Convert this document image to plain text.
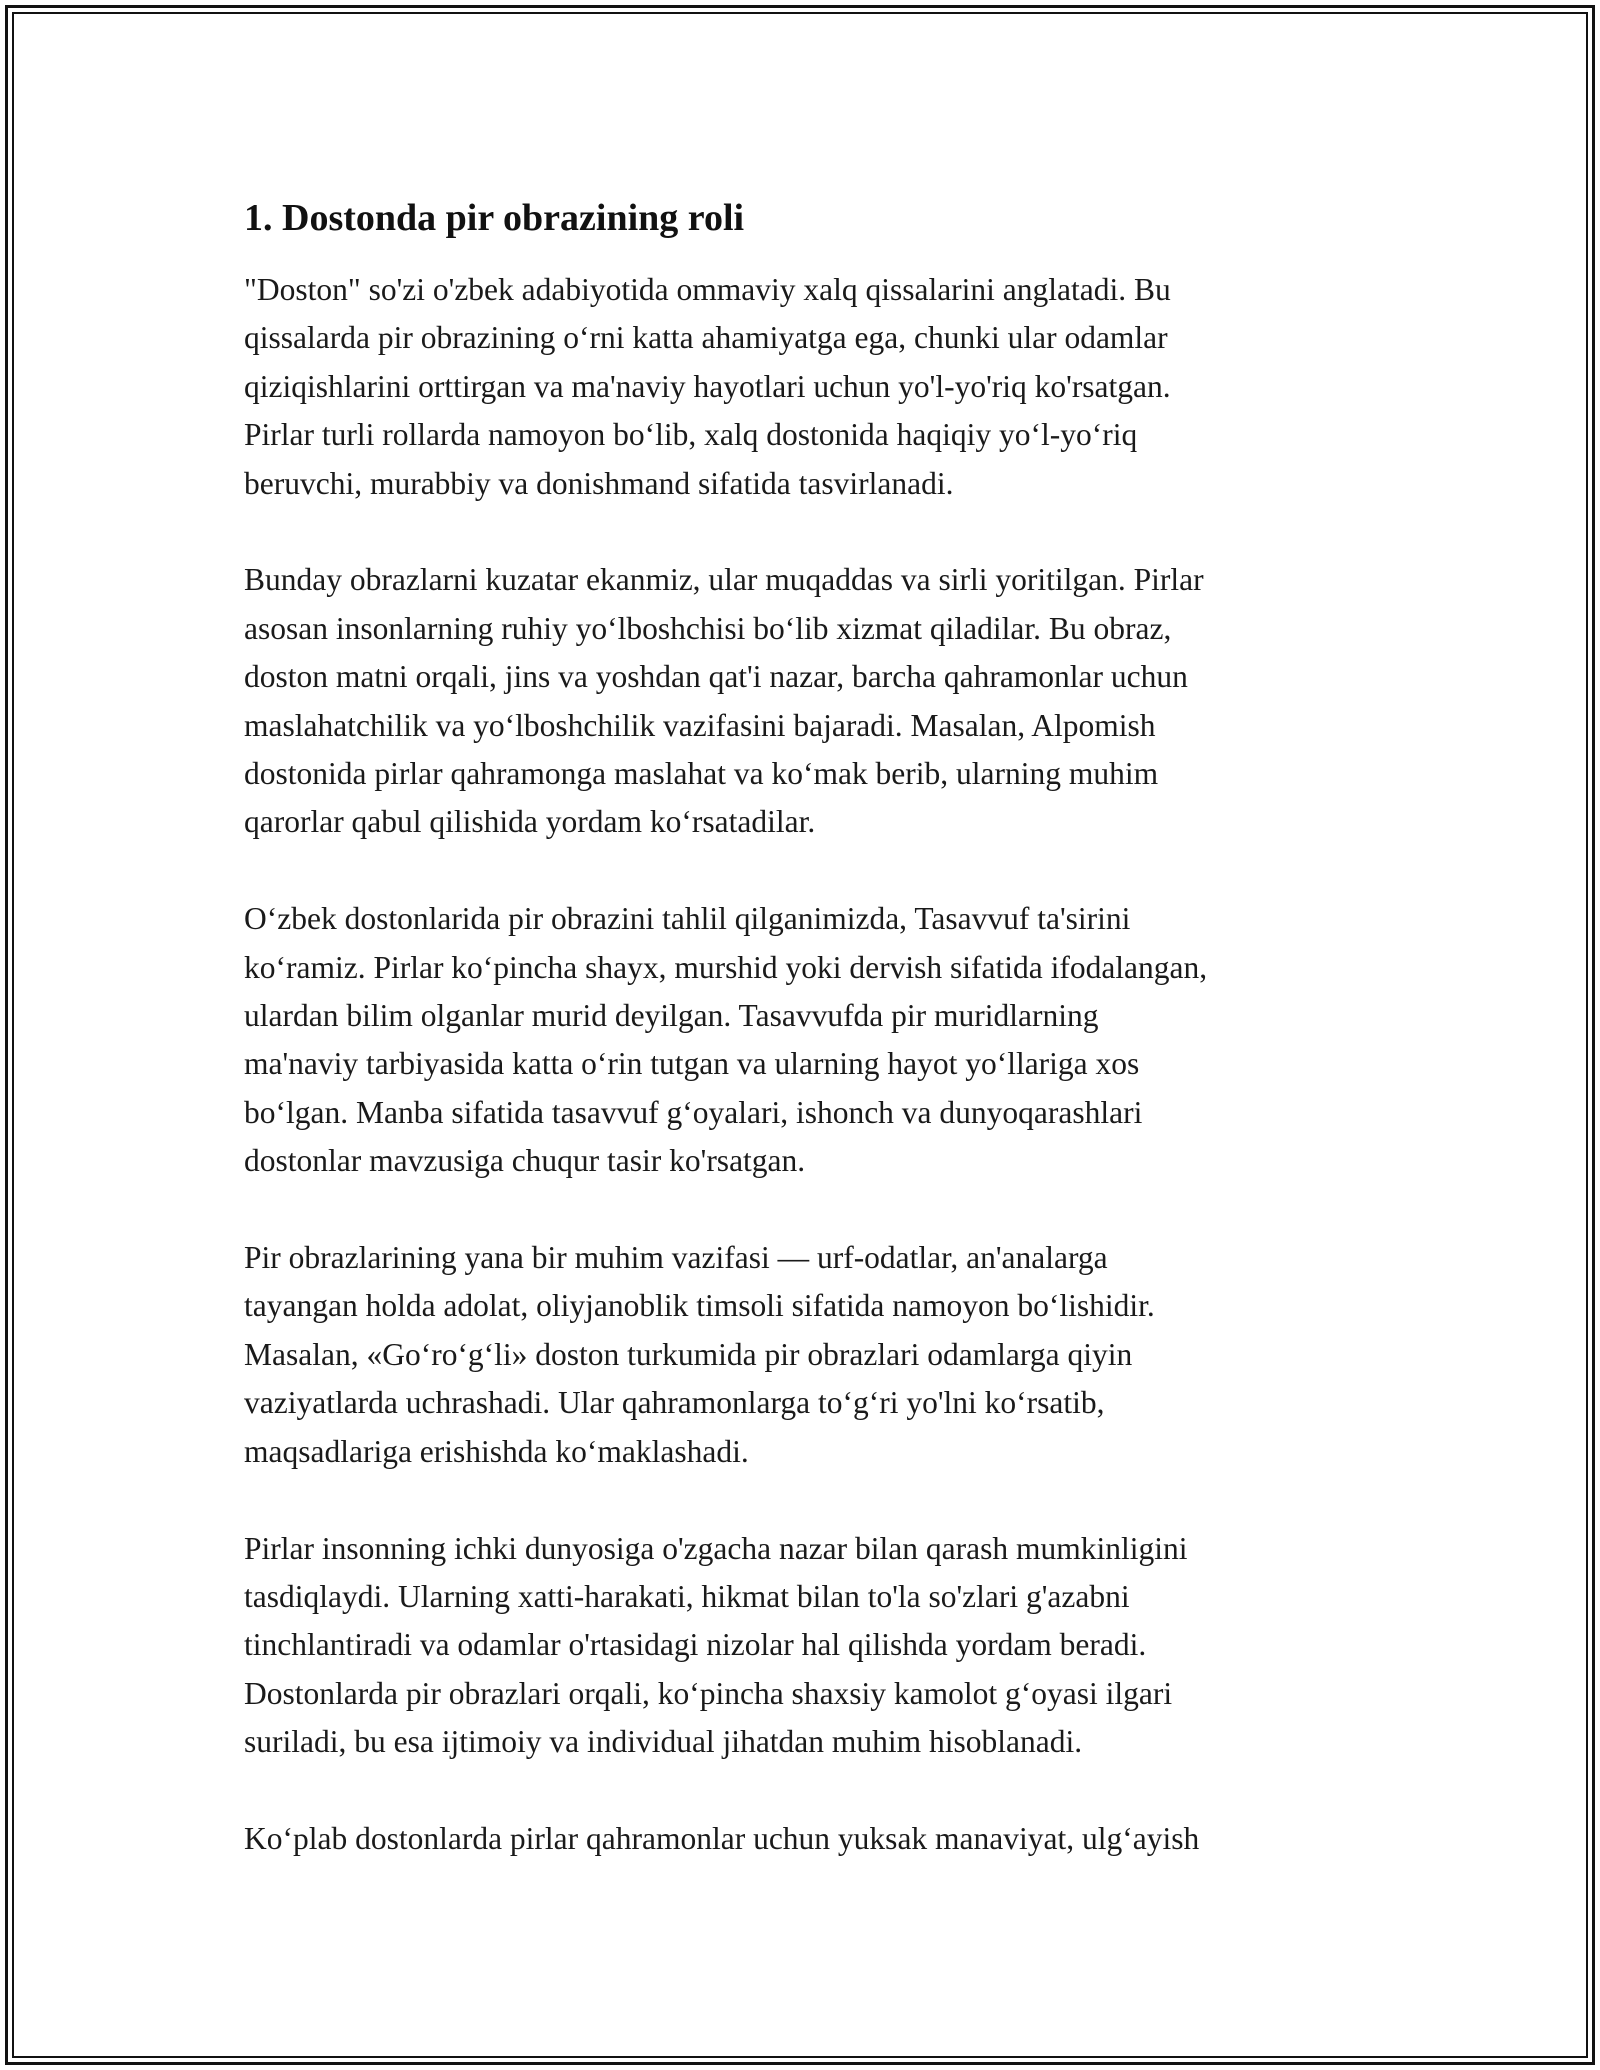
1. Dostonda pir obrazining roli

"Doston" so'zi o'zbek adabiyotida ommaviy xalq qissalarini anglatadi. Bu
qissalarda pir obrazining oʻrni katta ahamiyatga ega, chunki ular odamlar
qiziqishlarini orttirgan va ma'naviy hayotlari uchun yo'l-yo'riq ko'rsatgan.
Pirlar turli rollarda namoyon boʻlib, xalq dostonida haqiqiy yoʻl-yoʻriq
beruvchi, murabbiy va donishmand sifatida tasvirlanadi.

Bunday obrazlarni kuzatar ekanmiz, ular muqaddas va sirli yoritilgan. Pirlar
asosan insonlarning ruhiy yoʻlboshchisi boʻlib xizmat qiladilar. Bu obraz,
doston matni orqali, jins va yoshdan qat'i nazar, barcha qahramonlar uchun
maslahatchilik va yoʻlboshchilik vazifasini bajaradi. Masalan, Alpomish
dostonida pirlar qahramonga maslahat va koʻmak berib, ularning muhim
qarorlar qabul qilishida yordam koʻrsatadilar.

Oʻzbek dostonlarida pir obrazini tahlil qilganimizda, Tasavvuf ta'sirini
koʻramiz. Pirlar koʻpincha shayx, murshid yoki dervish sifatida ifodalangan,
ulardan bilim olganlar murid deyilgan. Tasavvufda pir muridlarning
ma'naviy tarbiyasida katta oʻrin tutgan va ularning hayot yoʻllariga xos
boʻlgan. Manba sifatida tasavvuf gʻoyalari, ishonch va dunyoqarashlari
dostonlar mavzusiga chuqur tasir ko'rsatgan.

Pir obrazlarining yana bir muhim vazifasi — urf-odatlar, an'analarga
tayangan holda adolat, oliyjanoblik timsoli sifatida namoyon boʻlishidir.
Masalan, «Goʻroʻgʻli» doston turkumida pir obrazlari odamlarga qiyin
vaziyatlarda uchrashadi. Ular qahramonlarga toʻgʻri yo'lni koʻrsatib,
maqsadlariga erishishda koʻmaklashadi.

Pirlar insonning ichki dunyosiga o'zgacha nazar bilan qarash mumkinligini
tasdiqlaydi. Ularning xatti-harakati, hikmat bilan to'la so'zlari g'azabni
tinchlantiradi va odamlar o'rtasidagi nizolar hal qilishda yordam beradi.
Dostonlarda pir obrazlari orqali, koʻpincha shaxsiy kamolot gʻoyasi ilgari
suriladi, bu esa ijtimoiy va individual jihatdan muhim hisoblanadi.

Koʻplab dostonlarda pirlar qahramonlar uchun yuksak manaviyat, ulgʻayish
